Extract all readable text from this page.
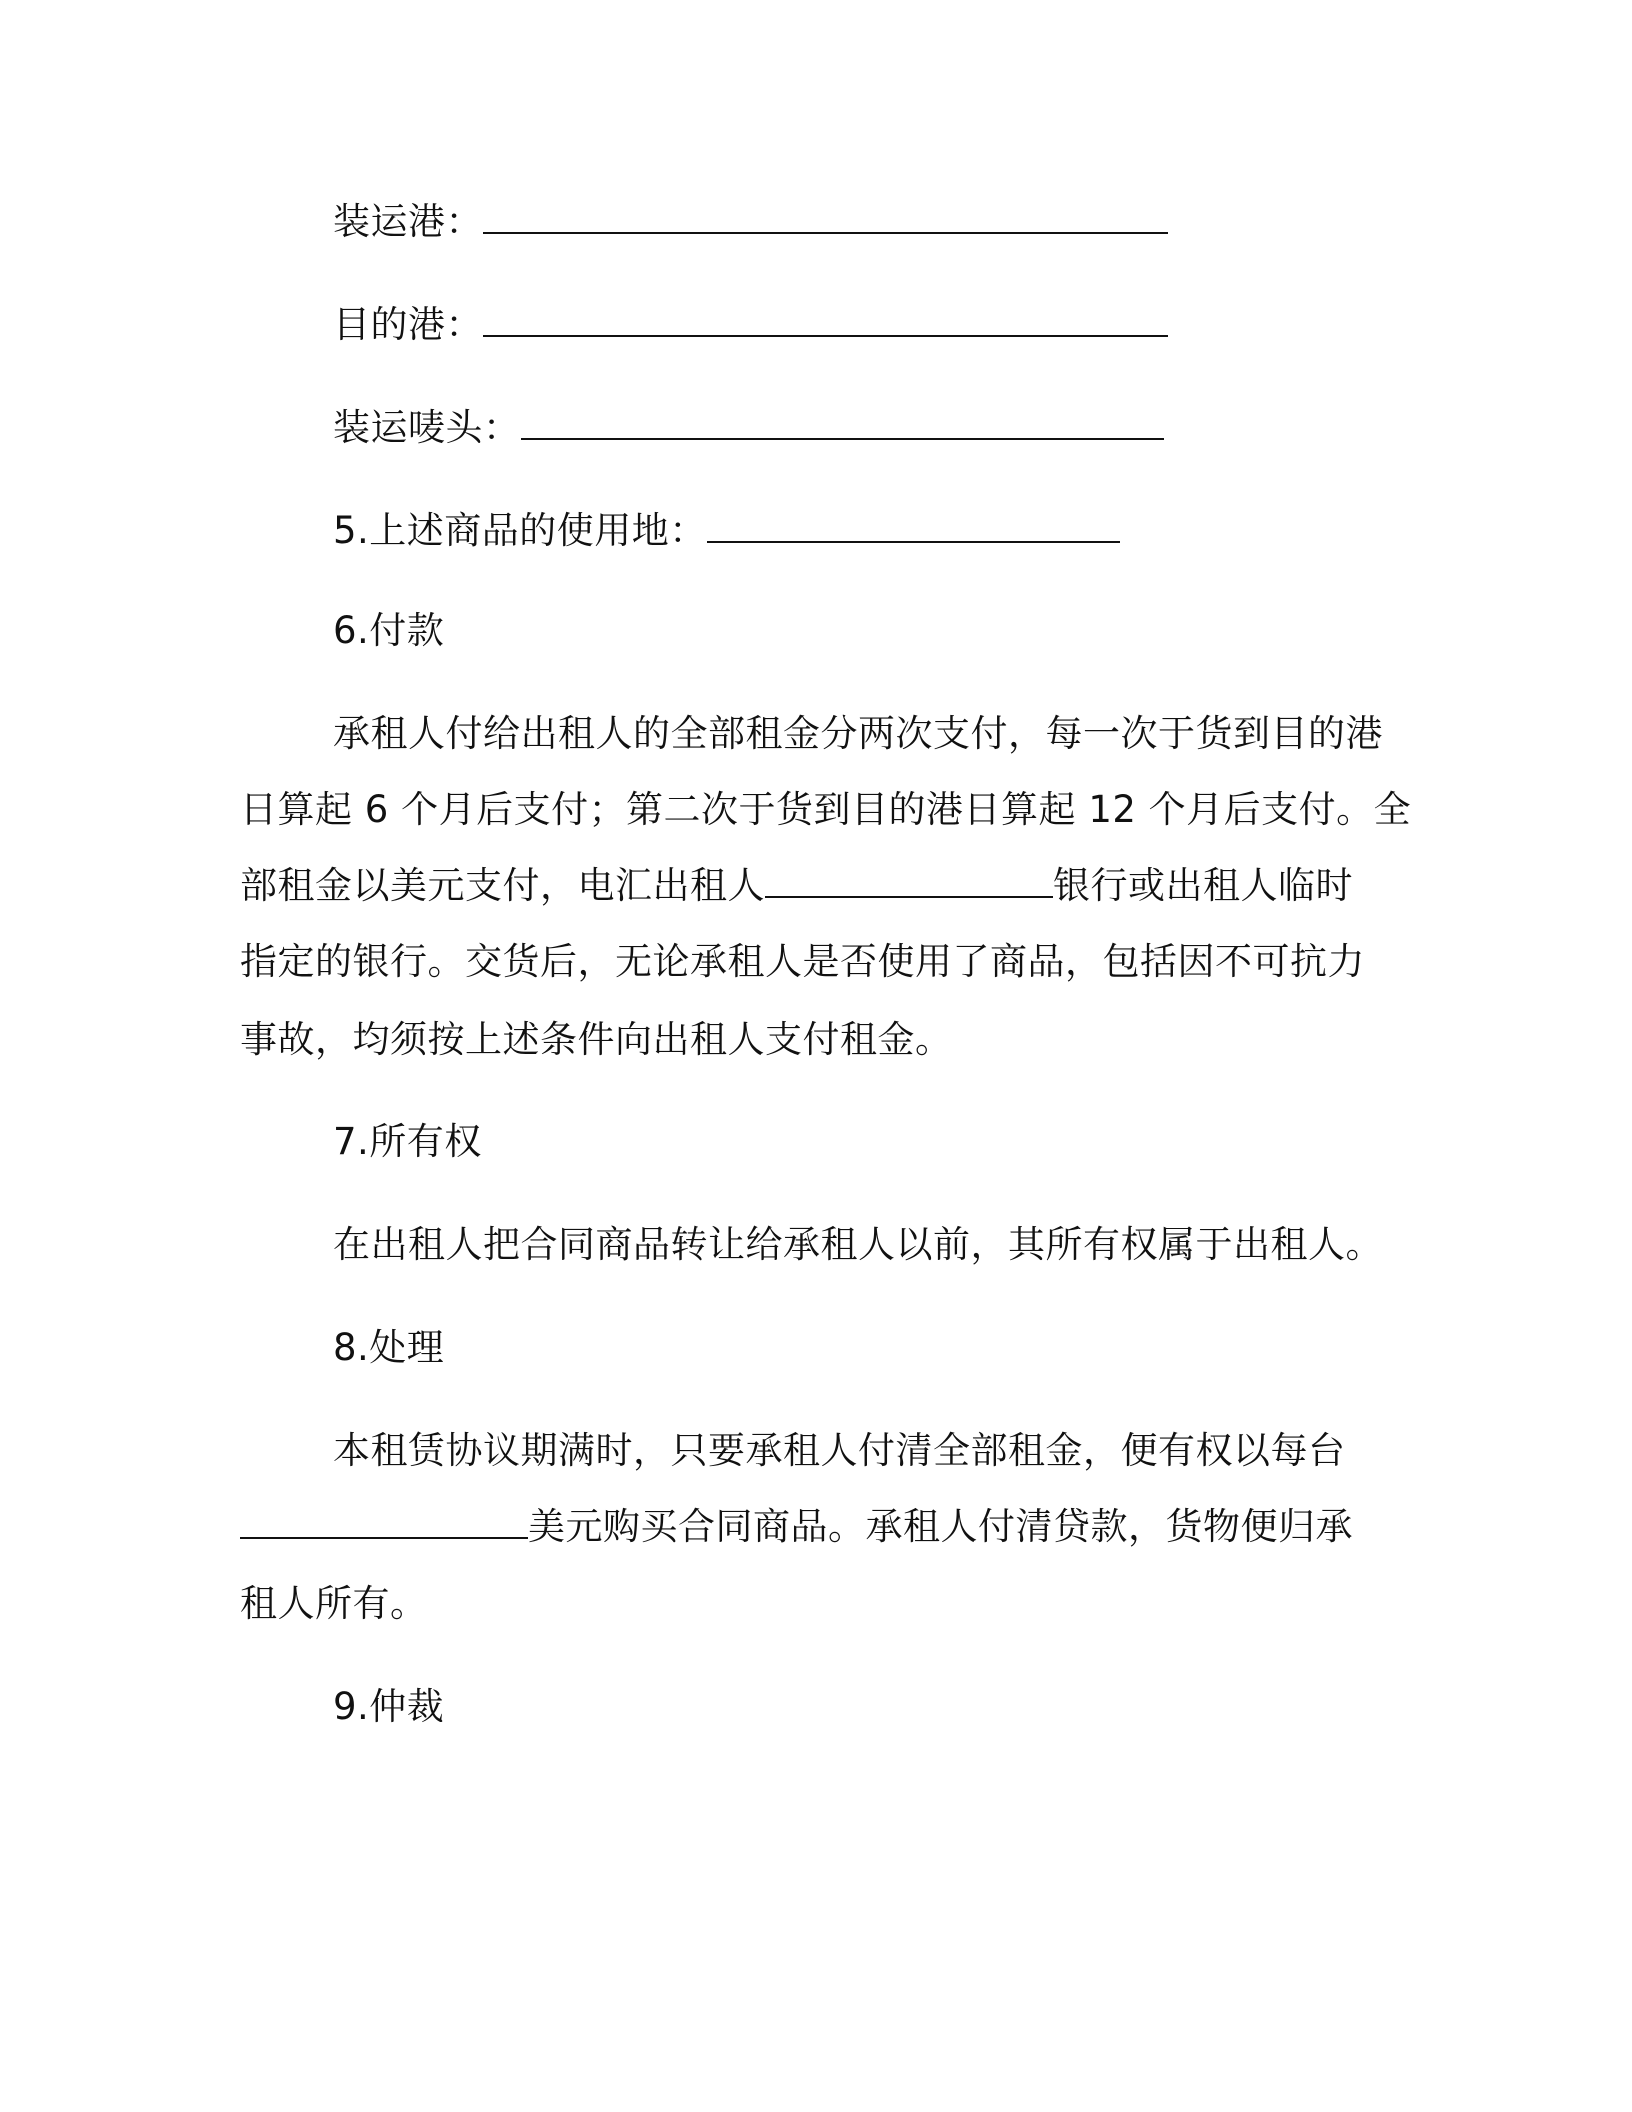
装运港：
目的港：
装运唛头：
5.上述商品的使用地：
6.付款
承租人付给出租人的全部租金分两次支付，每一次于货到目的港
日算起 6 个月后支付；第二次于货到目的港日算起 12 个月后支付。全
部租金以美元支付，电汇出租人	银行或出租人临时
指定的银行。交货后，无论承租人是否使用了商品，包括因不可抗力
事故，均须按上述条件向出租人支付租金。
7.所有权
在出租人把合同商品转让给承租人以前，其所有权属于出租人。
8.处理
本租赁协议期满时，只要承租人付清全部租金，便有权以每台
美元购买合同商品。承租人付清贷款，货物便归承
租人所有。
9.仲裁
